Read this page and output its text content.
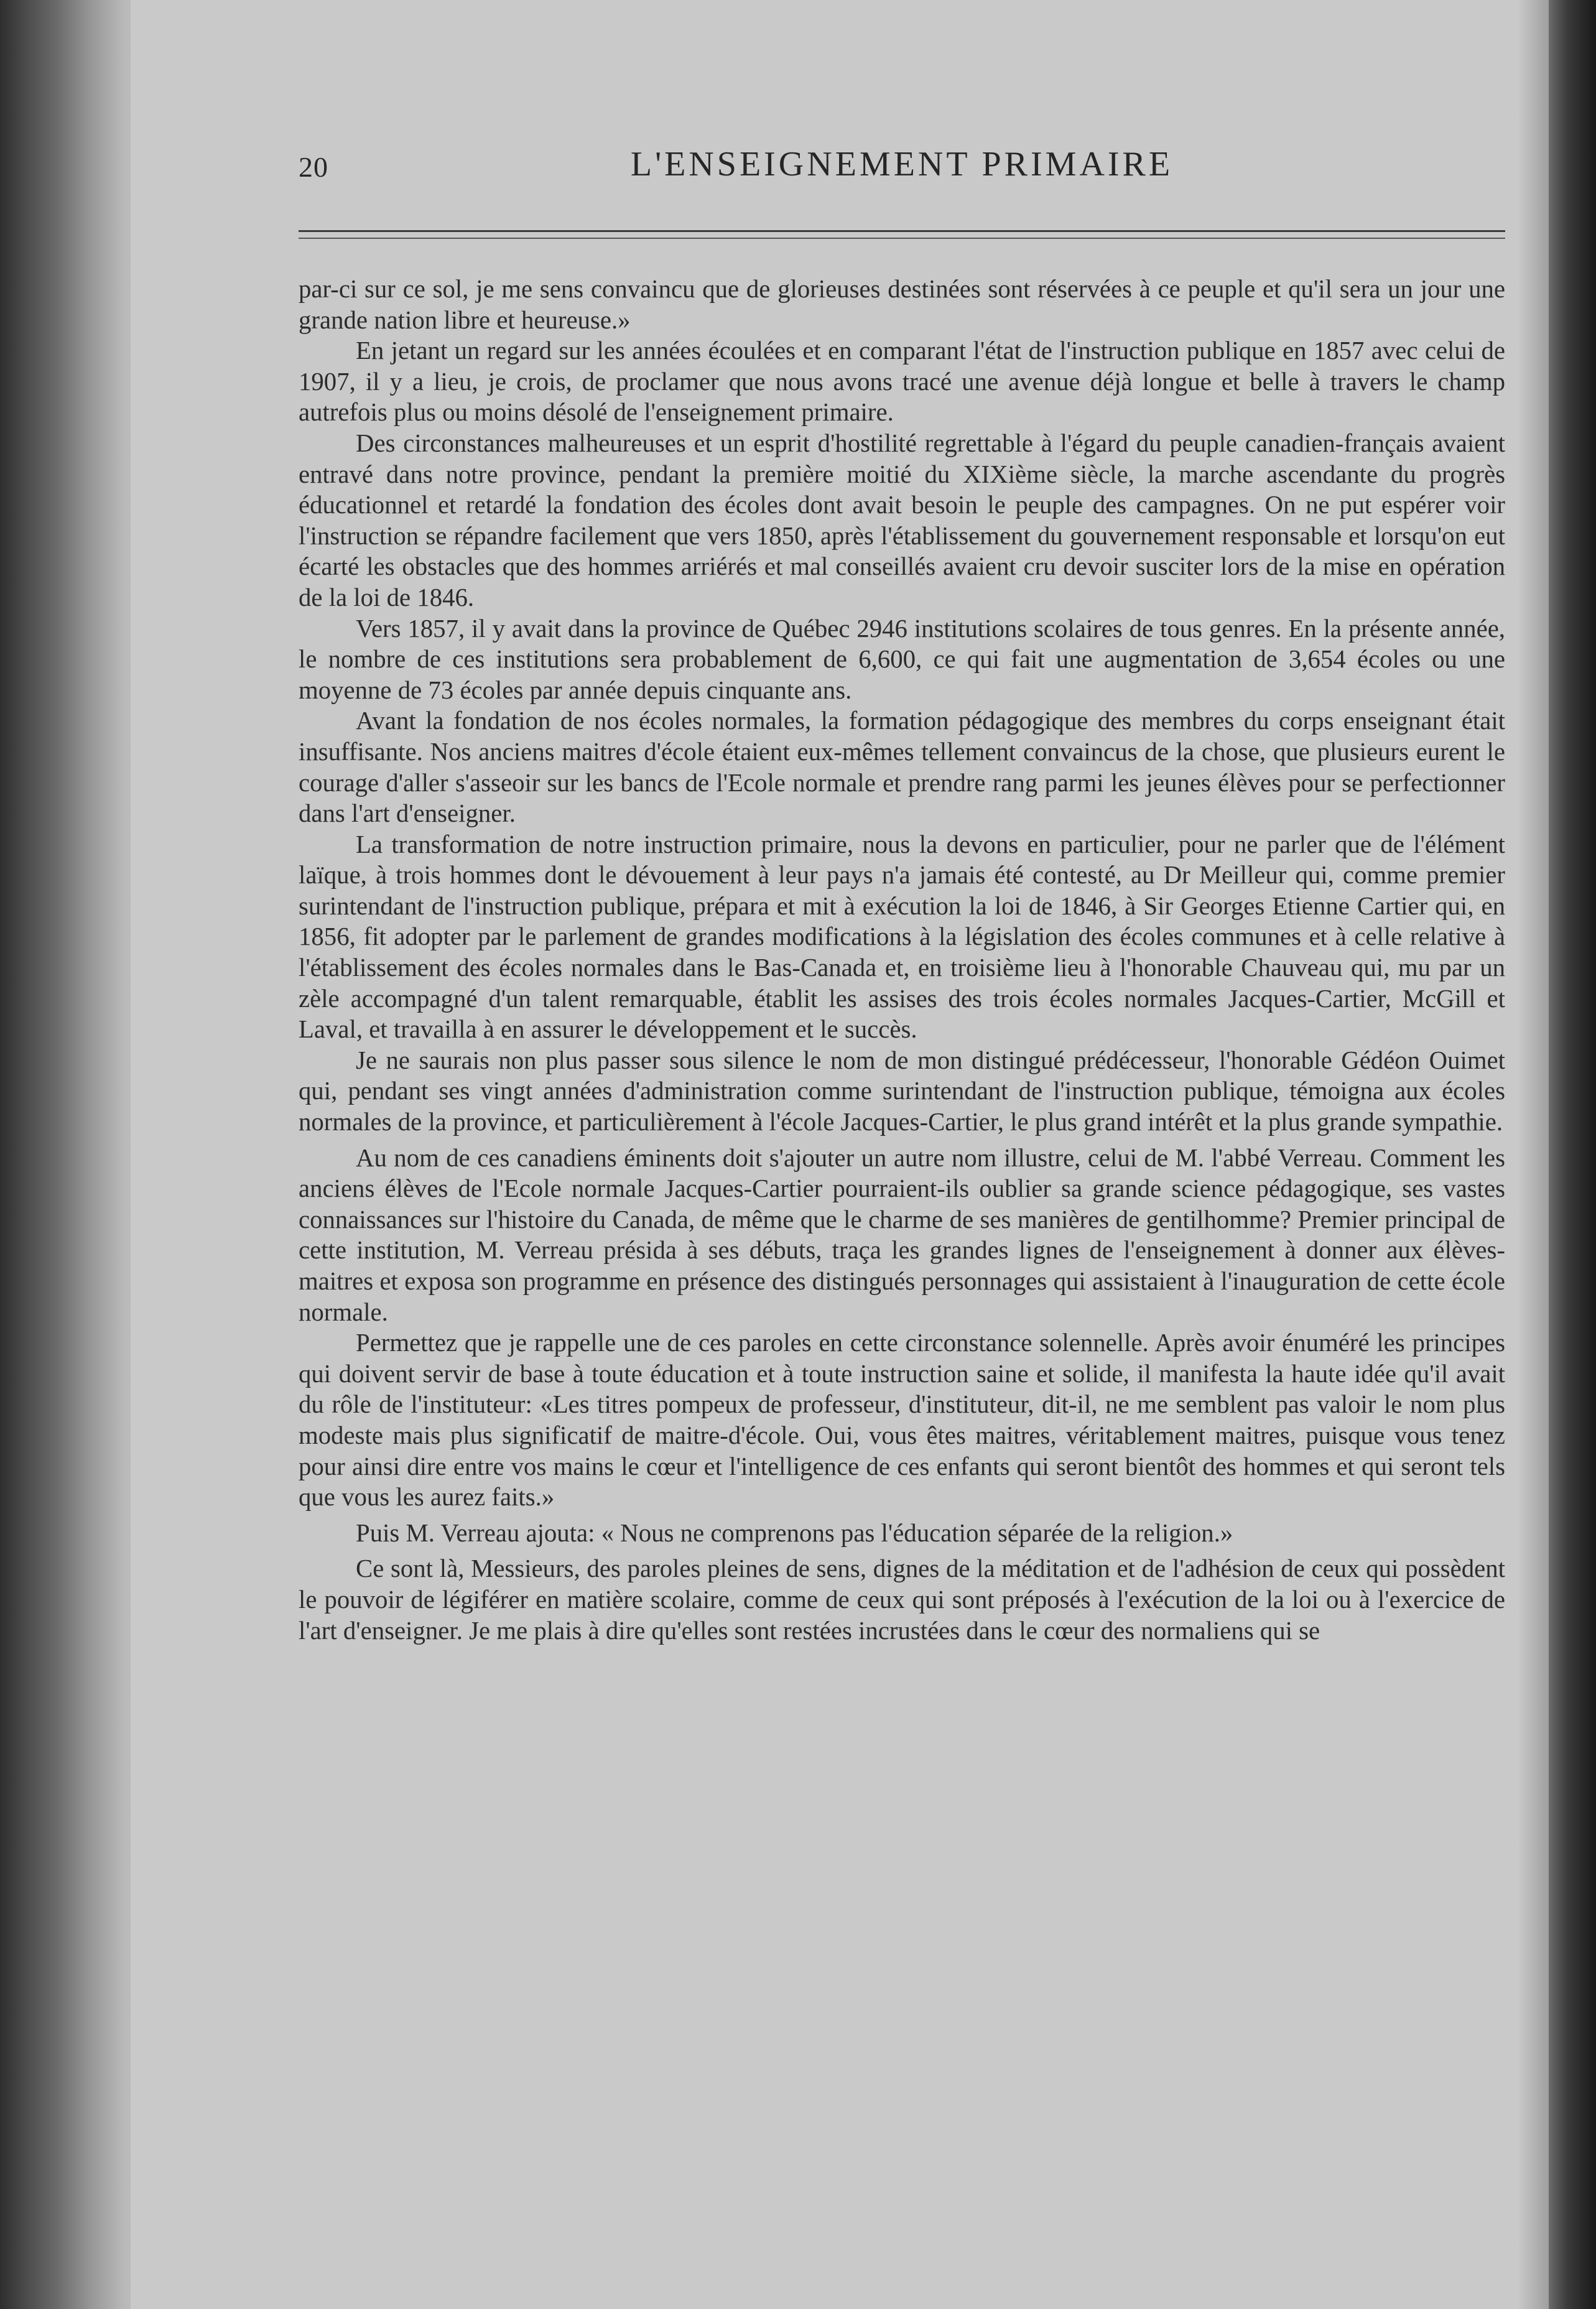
20	L'ENSEIGNEMENT PRIMAIRE

par-ci sur ce sol, je me sens convaincu que de glorieuses destinées sont réservées à ce peuple et qu'il sera un jour une grande nation libre et heureuse.»

En jetant un regard sur les années écoulées et en comparant l'état de l'instruction publique en 1857 avec celui de 1907, il y a lieu, je crois, de proclamer que nous avons tracé une avenue déjà longue et belle à travers le champ autrefois plus ou moins désolé de l'enseignement primaire.

Des circonstances malheureuses et un esprit d'hostilité regrettable à l'égard du peuple canadien-français avaient entravé dans notre province, pendant la première moitié du XIXième siècle, la marche ascendante du progrès éducationnel et retardé la fondation des écoles dont avait besoin le peuple des campagnes. On ne put espérer voir l'instruction se répandre facilement que vers 1850, après l'établissement du gouvernement responsable et lorsqu'on eut écarté les obstacles que des hommes arriérés et mal conseillés avaient cru devoir susciter lors de la mise en opération de la loi de 1846.

Vers 1857, il y avait dans la province de Québec 2946 institutions scolaires de tous genres. En la présente année, le nombre de ces institutions sera probablement de 6,600, ce qui fait une augmentation de 3,654 écoles ou une moyenne de 73 écoles par année depuis cinquante ans.

Avant la fondation de nos écoles normales, la formation pédagogique des membres du corps enseignant était insuffisante. Nos anciens maitres d'école étaient eux-mêmes tellement convaincus de la chose, que plusieurs eurent le courage d'aller s'asseoir sur les bancs de l'Ecole normale et prendre rang parmi les jeunes élèves pour se perfectionner dans l'art d'enseigner.

La transformation de notre instruction primaire, nous la devons en particulier, pour ne parler que de l'élément laïque, à trois hommes dont le dévouement à leur pays n'a jamais été contesté, au Dr Meilleur qui, comme premier surintendant de l'instruction publique, prépara et mit à exécution la loi de 1846, à Sir Georges Etienne Cartier qui, en 1856, fit adopter par le parlement de grandes modifications à la législation des écoles communes et à celle relative à l'établissement des écoles normales dans le Bas-Canada et, en troisième lieu à l'honorable Chauveau qui, mu par un zèle accompagné d'un talent remarquable, établit les assises des trois écoles normales Jacques-Cartier, McGill et Laval, et travailla à en assurer le développement et le succès.

Je ne saurais non plus passer sous silence le nom de mon distingué prédécesseur, l'honorable Gédéon Ouimet qui, pendant ses vingt années d'administration comme surintendant de l'instruction publique, témoigna aux écoles normales de la province, et particulièrement à l'école Jacques-Cartier, le plus grand intérêt et la plus grande sympathie.

Au nom de ces canadiens éminents doit s'ajouter un autre nom illustre, celui de M. l'abbé Verreau. Comment les anciens élèves de l'Ecole normale Jacques-Cartier pourraient-ils oublier sa grande science pédagogique, ses vastes connaissances sur l'histoire du Canada, de même que le charme de ses manières de gentilhomme? Premier principal de cette institution, M. Verreau présida à ses débuts, traça les grandes lignes de l'enseignement à donner aux élèves-maitres et exposa son programme en présence des distingués personnages qui assistaient à l'inauguration de cette école normale.

Permettez que je rappelle une de ces paroles en cette circonstance solennelle. Après avoir énuméré les principes qui doivent servir de base à toute éducation et à toute instruction saine et solide, il manifesta la haute idée qu'il avait du rôle de l'instituteur: «Les titres pompeux de professeur, d'instituteur, dit-il, ne me semblent pas valoir le nom plus modeste mais plus significatif de maitre-d'école. Oui, vous êtes maitres, véritablement maitres, puisque vous tenez pour ainsi dire entre vos mains le cœur et l'intelligence de ces enfants qui seront bientôt des hommes et qui seront tels que vous les aurez faits.»

Puis M. Verreau ajouta: « Nous ne comprenons pas l'éducation séparée de la religion.»

Ce sont là, Messieurs, des paroles pleines de sens, dignes de la méditation et de l'adhésion de ceux qui possèdent le pouvoir de légiférer en matière scolaire, comme de ceux qui sont préposés à l'exécution de la loi ou à l'exercice de l'art d'enseigner. Je me plais à dire qu'elles sont restées incrustées dans le cœur des normaliens qui se
